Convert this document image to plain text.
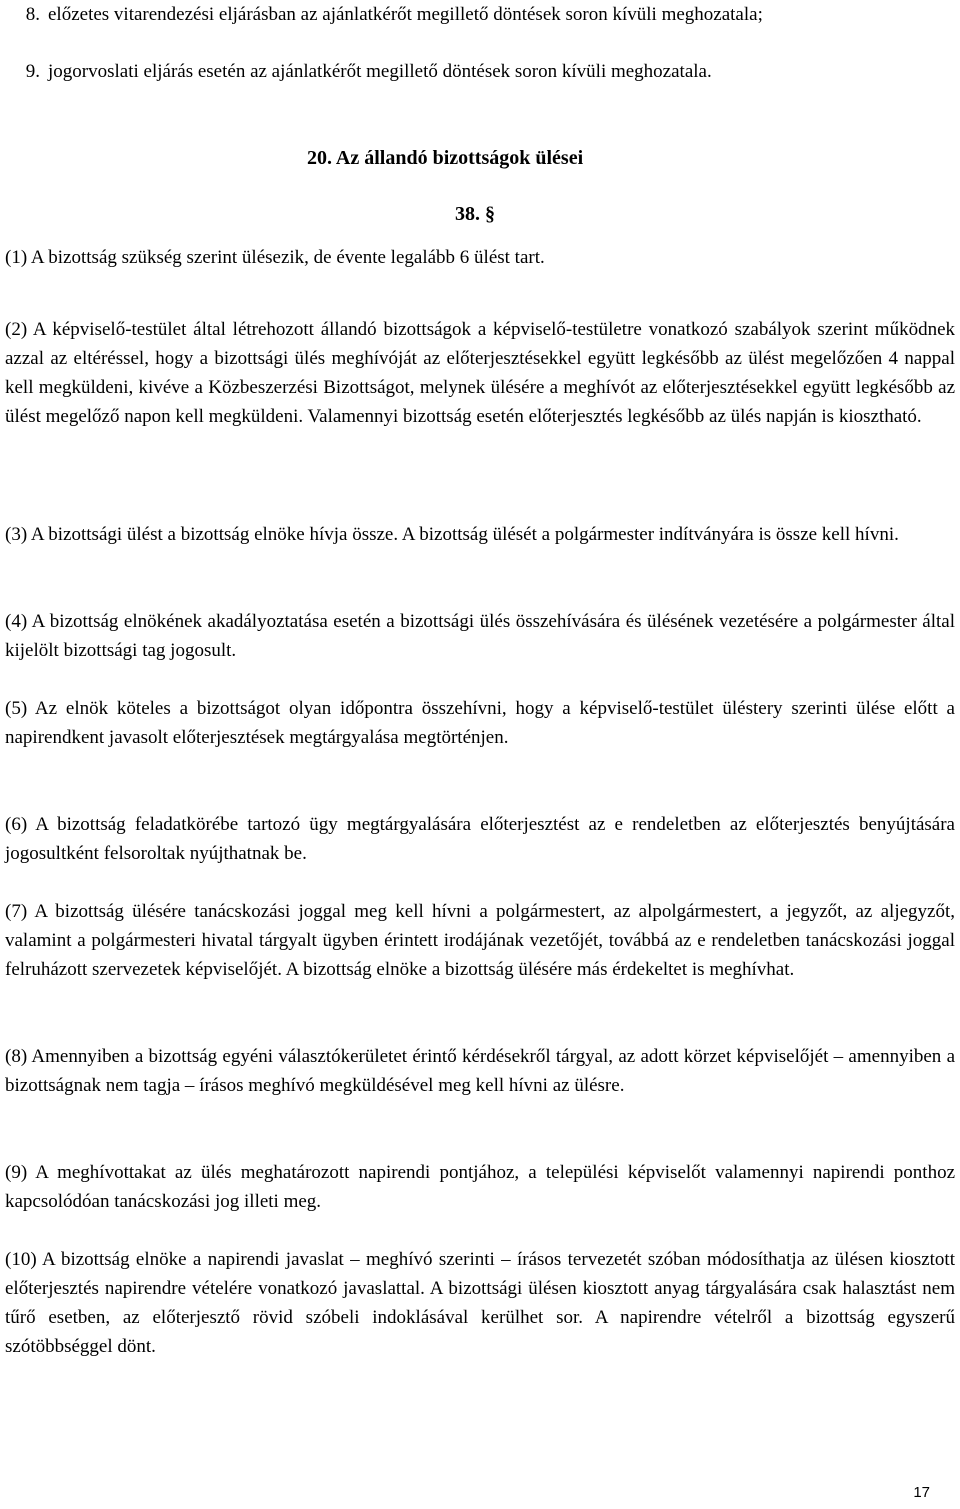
8. előzetes vitarendezési eljárásban az ajánlatkérőt megillető döntések soron kívüli meghozatala;
9. jogorvoslati eljárás esetén az ajánlatkérőt megillető döntések soron kívüli meghozatala.
20. Az állandó bizottságok ülései
38. §

(1) A bizottság szükség szerint ülésezik, de évente legalább 6 ülést tart.

(2) A képviselő-testület által létrehozott állandó bizottságok a képviselő-testületre vonatkozó szabályok szerint működnek azzal az eltéréssel, hogy a bizottsági ülés meghívóját az előterjesztésekkel együtt legkésőbb az ülést megelőzően 4 nappal kell megküldeni, kivéve a Közbeszerzési Bizottságot, melynek ülésére a meghívót az előterjesztésekkel együtt legkésőbb az ülést megelőző napon kell megküldeni. Valamennyi bizottság esetén előterjesztés legkésőbb az ülés napján is kiosztható.

(3) A bizottsági ülést a bizottság elnöke hívja össze. A bizottság ülését a polgármester indítványára is össze kell hívni.

(4) A bizottság elnökének akadályoztatása esetén a bizottsági ülés összehívására és ülésének vezetésére a polgármester által kijelölt bizottsági tag jogosult.

(5) Az elnök köteles a bizottságot olyan időpontra összehívni, hogy a képviselő-testület üléstery szerinti ülése előtt a napirendkent javasolt előterjesztések megtárgyalása megtörténjen.

(6) A bizottság feladatkörébe tartozó ügy megtárgyalására előterjesztést az e rendeletben az előterjesztés benyújtására jogosultként felsoroltak nyújthatnak be.

(7) A bizottság ülésére tanácskozási joggal meg kell hívni a polgármestert, az alpolgármestert, a jegyzőt, az aljegyzőt, valamint a polgármesteri hivatal tárgyalt ügyben érintett irodájának vezetőjét, továbbá az e rendeletben tanácskozási joggal felruházott szervezetek képviselőjét. A bizottság elnöke a bizottság ülésére más érdekeltet is meghívhat.

(8) Amennyiben a bizottság egyéni választókerületet érintő kérdésekről tárgyal, az adott körzet képviselőjét – amennyiben a bizottságnak nem tagja – írásos meghívó megküldésével meg kell hívni az ülésre.

(9) A meghívottakat az ülés meghatározott napirendi pontjához, a települési képviselőt valamennyi napirendi ponthoz kapcsolódóan tanácskozási jog illeti meg.

(10) A bizottság elnöke a napirendi javaslat – meghívó szerinti – írásos tervezetét szóban módosíthatja az ülésen kiosztott előterjesztés napirendre vételére vonatkozó javaslattal. A bizottsági ülésen kiosztott anyag tárgyalására csak halasztást nem tűrő esetben, az előterjesztő rövid szóbeli indoklásával kerülhet sor. A napirendre vételről a bizottság egyszerű szótöbbséggel dönt.

17
